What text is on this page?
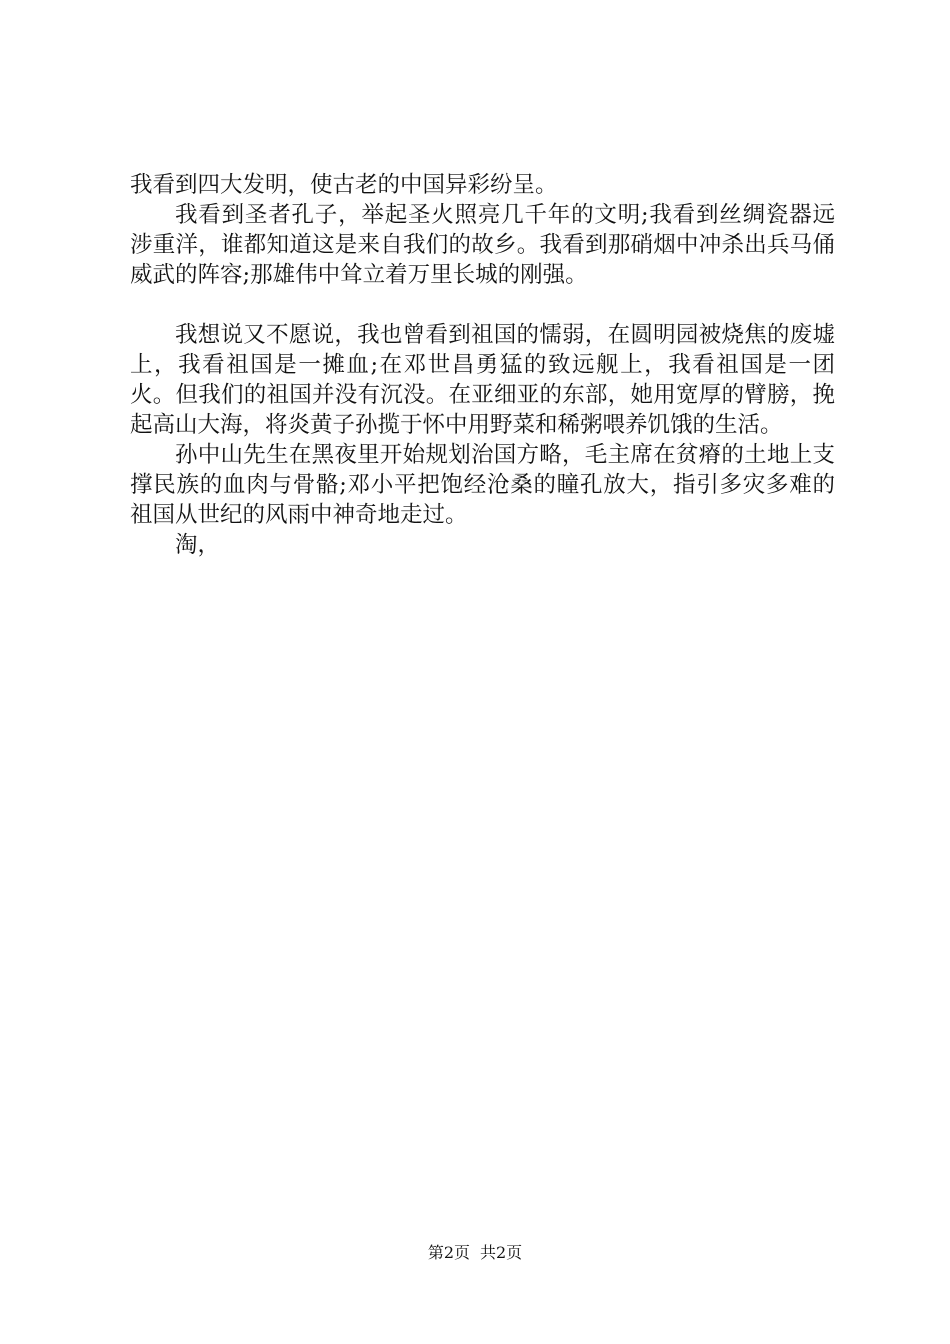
我看到四大发明，使古老的中国异彩纷呈。

我看到圣者孔子，举起圣火照亮几千年的文明;我看到丝绸瓷器远涉重洋，谁都知道这是来自我们的故乡。我看到那硝烟中冲杀出兵马俑威武的阵容;那雄伟中耸立着万里长城的刚强。

我想说又不愿说，我也曾看到祖国的懦弱，在圆明园被烧焦的废墟上，我看祖国是一摊血;在邓世昌勇猛的致远舰上，我看祖国是一团火。但我们的祖国并没有沉没。在亚细亚的东部，她用宽厚的臂膀，挽起高山大海，将炎黄子孙揽于怀中用野菜和稀粥喂养饥饿的生活。

孙中山先生在黑夜里开始规划治国方略，毛主席在贫瘠的土地上支撑民族的血肉与骨骼;邓小平把饱经沧桑的瞳孔放大，指引多灾多难的祖国从世纪的风雨中神奇地走过。

淘，

第2页 共2页
